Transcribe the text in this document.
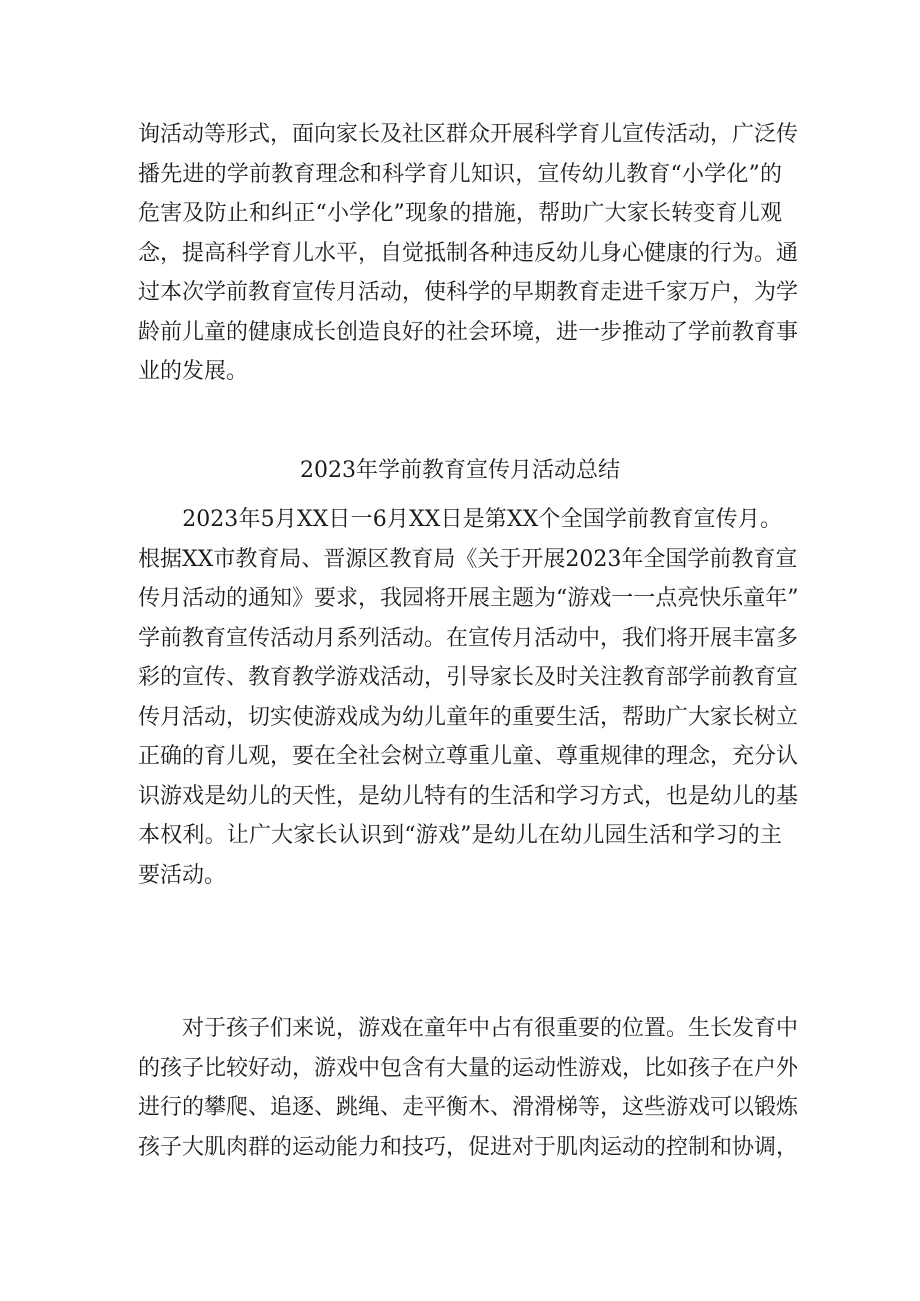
询活动等形式，面向家长及社区群众开展科学育儿宣传活动，广泛传
播先进的学前教育理念和科学育儿知识，宣传幼儿教育“小学化”的
危害及防止和纠正“小学化”现象的措施，帮助广大家长转变育儿观
念，提高科学育儿水平，自觉抵制各种违反幼儿身心健康的行为。通
过本次学前教育宣传月活动，使科学的早期教育走进千家万户，为学
龄前儿童的健康成长创造良好的社会环境，进一步推动了学前教育事
业的发展。
2023年学前教育宣传月活动总结
　　2023年5月XX日一6月XX日是第XX个全国学前教育宣传月。
根据XX市教育局、晋源区教育局《关于开展2023年全国学前教育宣
传月活动的通知》要求，我园将开展主题为“游戏一一点亮快乐童年”
学前教育宣传活动月系列活动。在宣传月活动中，我们将开展丰富多
彩的宣传、教育教学游戏活动，引导家长及时关注教育部学前教育宣
传月活动，切实使游戏成为幼儿童年的重要生活，帮助广大家长树立
正确的育儿观，要在全社会树立尊重儿童、尊重规律的理念，充分认
识游戏是幼儿的天性，是幼儿特有的生活和学习方式，也是幼儿的基
本权利。让广大家长认识到“游戏”是幼儿在幼儿园生活和学习的主
要活动。
　　对于孩子们来说，游戏在童年中占有很重要的位置。生长发育中
的孩子比较好动，游戏中包含有大量的运动性游戏，比如孩子在户外
进行的攀爬、追逐、跳绳、走平衡木、滑滑梯等，这些游戏可以锻炼
孩子大肌肉群的运动能力和技巧，促进对于肌肉运动的控制和协调，
